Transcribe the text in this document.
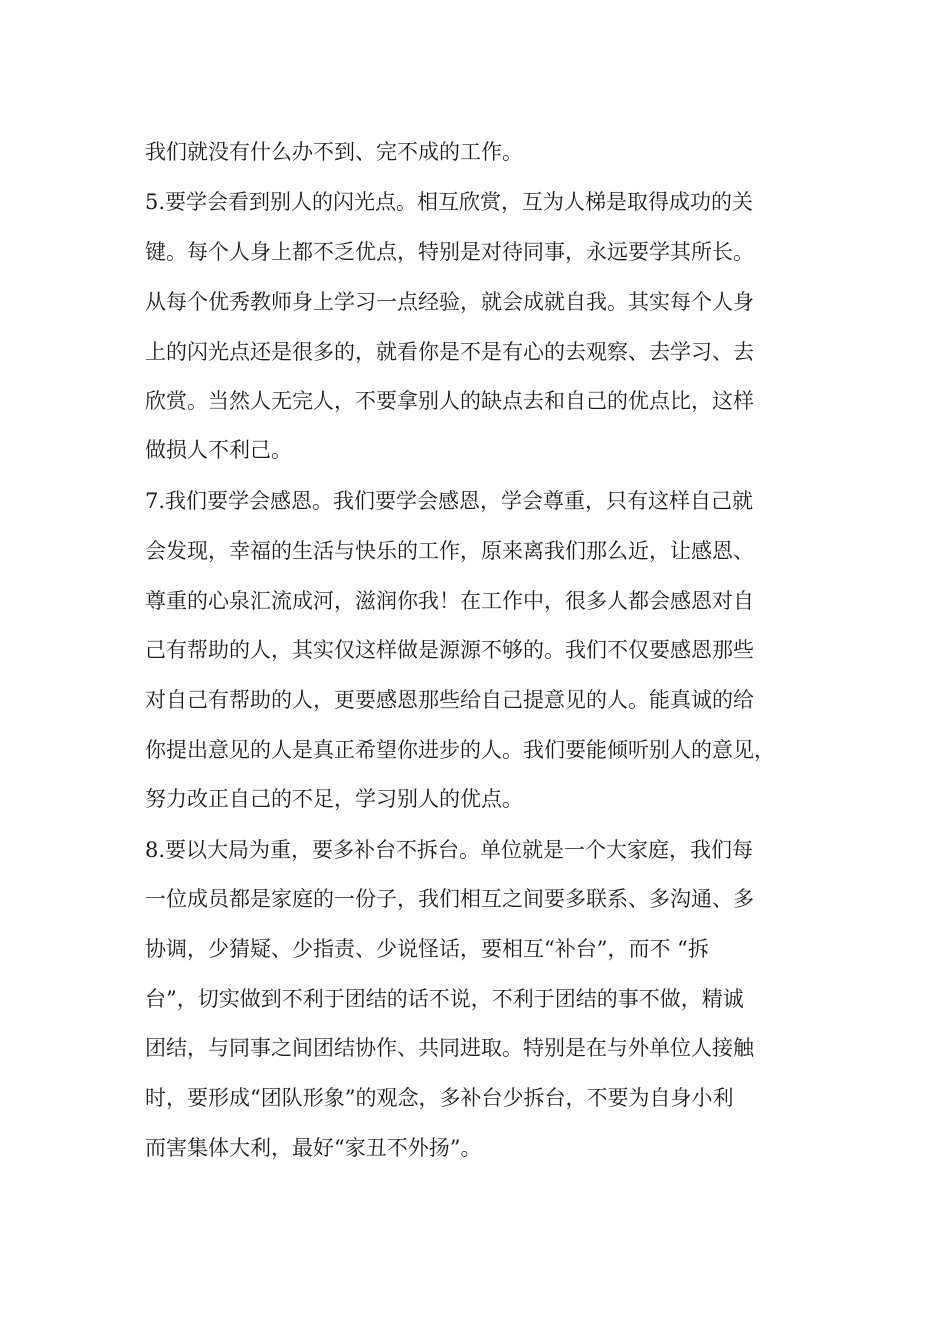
我们就没有什么办不到、完不成的工作。
5.要学会看到别人的闪光点。相互欣赏，互为人梯是取得成功的关
键。每个人身上都不乏优点，特别是对待同事，永远要学其所长。
从每个优秀教师身上学习一点经验，就会成就自我。其实每个人身
上的闪光点还是很多的，就看你是不是有心的去观察、去学习、去
欣赏。当然人无完人，不要拿别人的缺点去和自己的优点比，这样
做损人不利己。
7.我们要学会感恩。我们要学会感恩，学会尊重，只有这样自己就
会发现，幸福的生活与快乐的工作，原来离我们那么近，让感恩、
尊重的心泉汇流成河，滋润你我！在工作中，很多人都会感恩对自
己有帮助的人，其实仅这样做是源源不够的。我们不仅要感恩那些
对自己有帮助的人，更要感恩那些给自己提意见的人。能真诚的给
你提出意见的人是真正希望你进步的人。我们要能倾听别人的意见，
努力改正自己的不足，学习别人的优点。
8.要以大局为重，要多补台不拆台。单位就是一个大家庭，我们每
一位成员都是家庭的一份子，我们相互之间要多联系、多沟通、多
协调，少猜疑、少指责、少说怪话，要相互“补台”，而不 “拆
台”，切实做到不利于团结的话不说，不利于团结的事不做，精诚
团结，与同事之间团结协作、共同进取。特别是在与外单位人接触
时，要形成“团队形象”的观念，多补台少拆台，不要为自身小利
而害集体大利，最好“家丑不外扬”。
